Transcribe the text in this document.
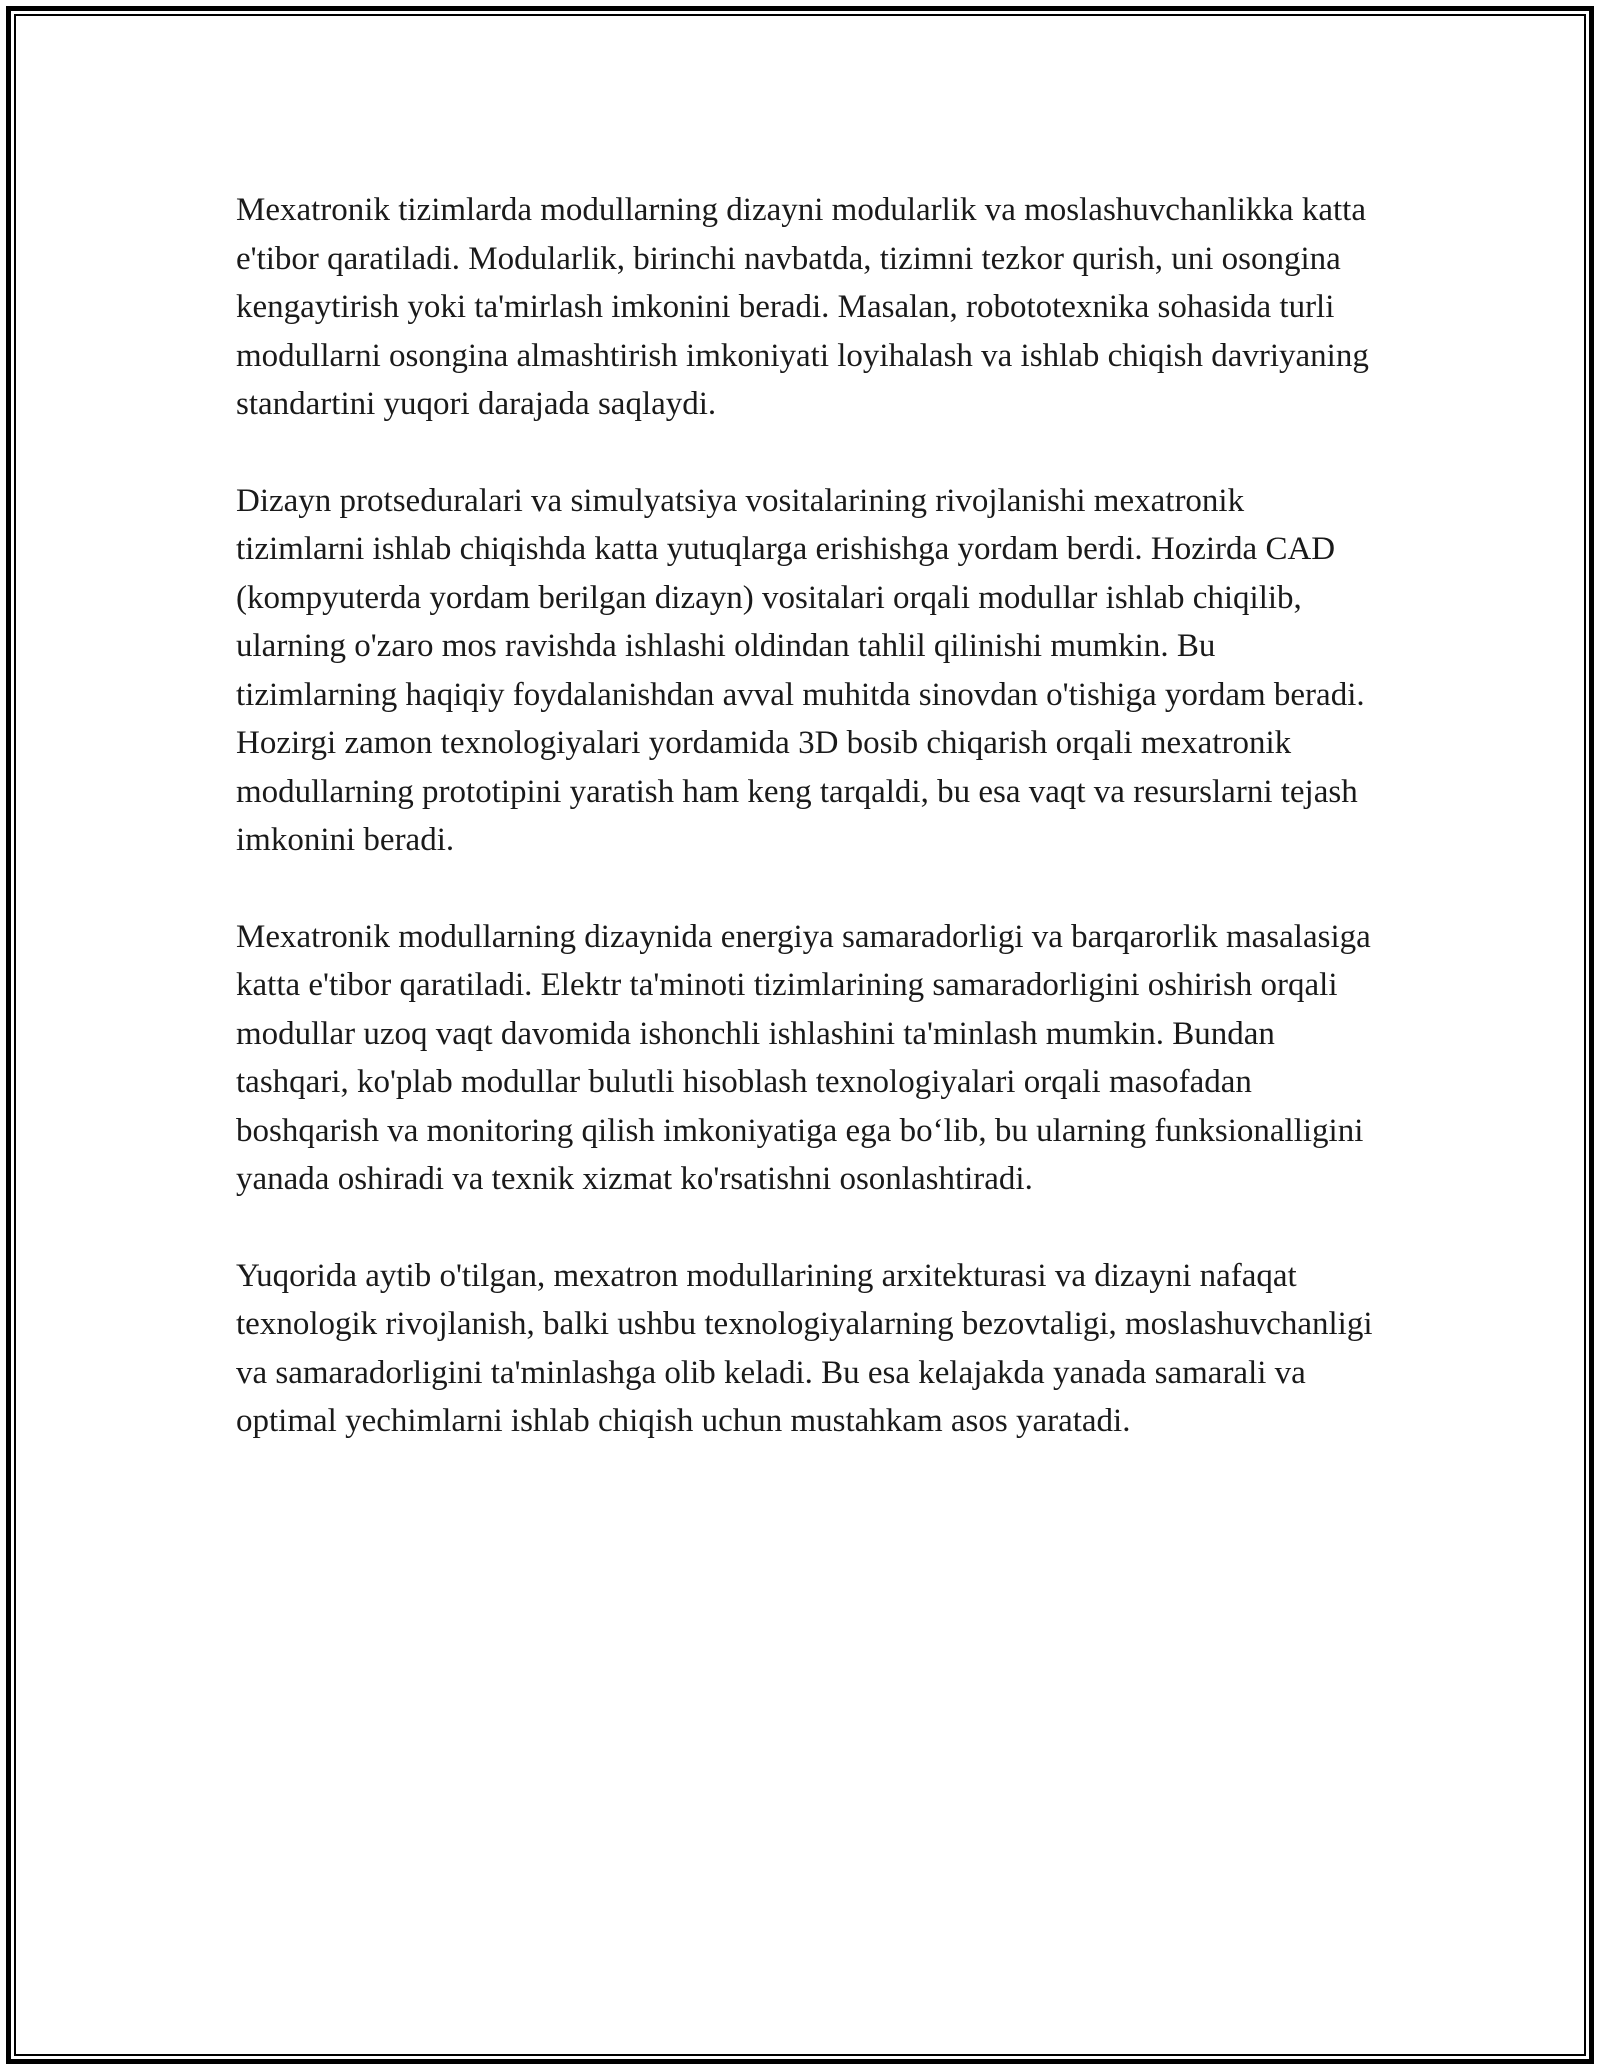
Mexatronik tizimlarda modullarning dizayni modularlik va moslashuvchanlikka katta e'tibor qaratiladi. Modularlik, birinchi navbatda, tizimni tezkor qurish, uni osongina kengaytirish yoki ta'mirlash imkonini beradi. Masalan, robototexnika sohasida turli modullarni osongina almashtirish imkoniyati loyihalash va ishlab chiqish davriyaning standartini yuqori darajada saqlaydi.

Dizayn protseduralari va simulyatsiya vositalarining rivojlanishi mexatronik tizimlarni ishlab chiqishda katta yutuqlarga erishishga yordam berdi. Hozirda CAD (kompyuterda yordam berilgan dizayn) vositalari orqali modullar ishlab chiqilib, ularning o'zaro mos ravishda ishlashi oldindan tahlil qilinishi mumkin. Bu tizimlarning haqiqiy foydalanishdan avval muhitda sinovdan o'tishiga yordam beradi. Hozirgi zamon texnologiyalari yordamida 3D bosib chiqarish orqali mexatronik modullarning prototipini yaratish ham keng tarqaldi, bu esa vaqt va resurslarni tejash imkonini beradi.

Mexatronik modullarning dizaynida energiya samaradorligi va barqarorlik masalasiga katta e'tibor qaratiladi. Elektr ta'minoti tizimlarining samaradorligini oshirish orqali modullar uzoq vaqt davomida ishonchli ishlashini ta'minlash mumkin. Bundan tashqari, ko'plab modullar bulutli hisoblash texnologiyalari orqali masofadan boshqarish va monitoring qilish imkoniyatiga ega bo‘lib, bu ularning funksionalligini yanada oshiradi va texnik xizmat ko'rsatishni osonlashtiradi.

Yuqorida aytib o'tilgan, mexatron modullarining arxitekturasi va dizayni nafaqat texnologik rivojlanish, balki ushbu texnologiyalarning bezovtaligi, moslashuvchanligi va samaradorligini ta'minlashga olib keladi. Bu esa kelajakda yanada samarali va optimal yechimlarni ishlab chiqish uchun mustahkam asos yaratadi.
